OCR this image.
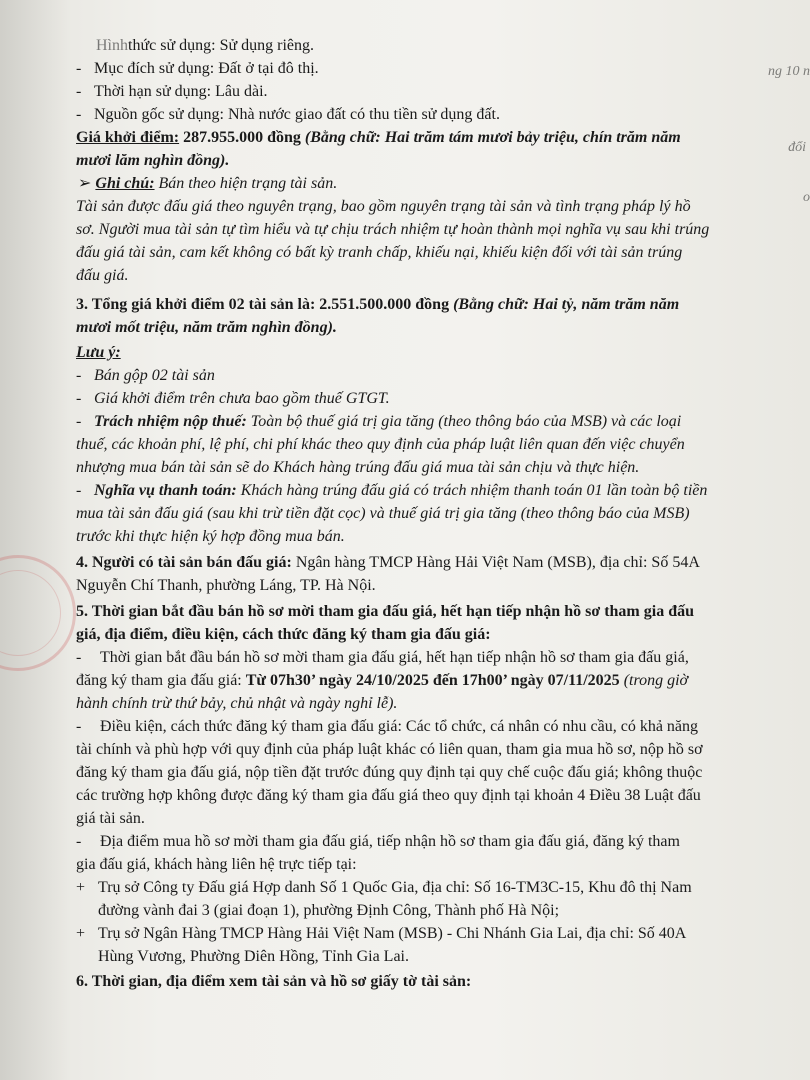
ng 10 n
đổi
o
Hìnhthức sử dụng: Sử dụng riêng.
- Mục đích sử dụng: Đất ở tại đô thị.
- Thời hạn sử dụng: Lâu dài.
- Nguồn gốc sử dụng: Nhà nước giao đất có thu tiền sử dụng đất.
Giá khởi điểm: 287.955.000 đồng (Bằng chữ: Hai trăm tám mươi bảy triệu, chín trăm năm
mươi lăm nghìn đồng).
➢ Ghi chú: Bán theo hiện trạng tài sản.
Tài sản được đấu giá theo nguyên trạng, bao gồm nguyên trạng tài sản và tình trạng pháp lý hồ
sơ. Người mua tài sản tự tìm hiểu và tự chịu trách nhiệm tự hoàn thành mọi nghĩa vụ sau khi trúng
đấu giá tài sản, cam kết không có bất kỳ tranh chấp, khiếu nại, khiếu kiện đối với tài sản trúng
đấu giá.
3. Tổng giá khởi điểm 02 tài sản là: 2.551.500.000 đồng (Bằng chữ: Hai tỷ, năm trăm năm
mươi mốt triệu, năm trăm nghìn đồng).
Lưu ý:
- Bán gộp 02 tài sản
- Giá khởi điểm trên chưa bao gồm thuế GTGT.
- Trách nhiệm nộp thuế: Toàn bộ thuế giá trị gia tăng (theo thông báo của MSB) và các loại
thuế, các khoản phí, lệ phí, chi phí khác theo quy định của pháp luật liên quan đến việc chuyển
nhượng mua bán tài sản sẽ do Khách hàng trúng đấu giá mua tài sản chịu và thực hiện.
- Nghĩa vụ thanh toán: Khách hàng trúng đấu giá có trách nhiệm thanh toán 01 lần toàn bộ tiền
mua tài sản đấu giá (sau khi trừ tiền đặt cọc) và thuế giá trị gia tăng (theo thông báo của MSB)
trước khi thực hiện ký hợp đồng mua bán.
4. Người có tài sản bán đấu giá: Ngân hàng TMCP Hàng Hải Việt Nam (MSB), địa chỉ: Số 54A
Nguyễn Chí Thanh, phường Láng, TP. Hà Nội.
5. Thời gian bắt đầu bán hồ sơ mời tham gia đấu giá, hết hạn tiếp nhận hồ sơ tham gia đấu
giá, địa điểm, điều kiện, cách thức đăng ký tham gia đấu giá:
- Thời gian bắt đầu bán hồ sơ mời tham gia đấu giá, hết hạn tiếp nhận hồ sơ tham gia đấu giá,
đăng ký tham gia đấu giá: Từ 07h30’ ngày 24/10/2025 đến 17h00’ ngày 07/11/2025 (trong giờ
hành chính trừ thứ bảy, chủ nhật và ngày nghỉ lễ).
- Điều kiện, cách thức đăng ký tham gia đấu giá: Các tổ chức, cá nhân có nhu cầu, có khả năng
tài chính và phù hợp với quy định của pháp luật khác có liên quan, tham gia mua hồ sơ, nộp hồ sơ
đăng ký tham gia đấu giá, nộp tiền đặt trước đúng quy định tại quy chế cuộc đấu giá; không thuộc
các trường hợp không được đăng ký tham gia đấu giá theo quy định tại khoản 4 Điều 38 Luật đấu
giá tài sản.
- Địa điểm mua hồ sơ mời tham gia đấu giá, tiếp nhận hồ sơ tham gia đấu giá, đăng ký tham
gia đấu giá, khách hàng liên hệ trực tiếp tại:
+ Trụ sở Công ty Đấu giá Hợp danh Số 1 Quốc Gia, địa chỉ: Số 16-TM3C-15, Khu đô thị Nam
đường vành đai 3 (giai đoạn 1), phường Định Công, Thành phố Hà Nội;
+ Trụ sở Ngân Hàng TMCP Hàng Hải Việt Nam (MSB) - Chi Nhánh Gia Lai, địa chỉ: Số 40A
Hùng Vương, Phường Diên Hồng, Tỉnh Gia Lai.
6. Thời gian, địa điểm xem tài sản và hồ sơ giấy tờ tài sản:
